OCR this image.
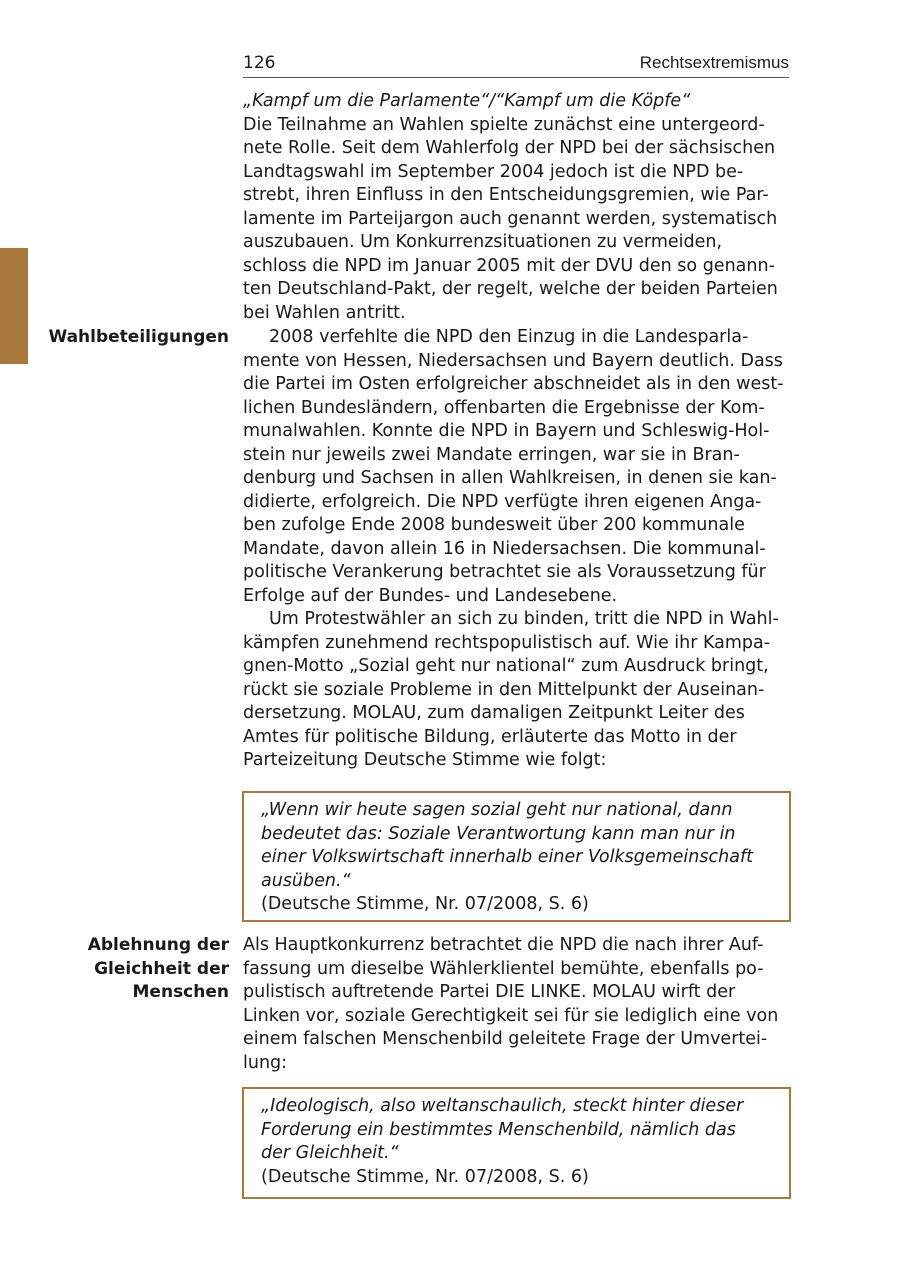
126	Rechtsextremismus
„Kampf um die Parlamente“/“Kampf um die Köpfe“
Die Teilnahme an Wahlen spielte zunächst eine untergeord-
nete Rolle. Seit dem Wahlerfolg der NPD bei der sächsischen
Landtagswahl im September 2004 jedoch ist die NPD be-
strebt, ihren Einfluss in den Entscheidungsgremien, wie Par-
lamente im Parteijargon auch genannt werden, systematisch
auszubauen. Um Konkurrenzsituationen zu vermeiden,
schloss die NPD im Januar 2005 mit der DVU den so genann-
ten Deutschland-Pakt, der regelt, welche der beiden Parteien
bei Wahlen antritt.
Wahlbeteiligungen	2008 verfehlte die NPD den Einzug in die Landesparla-
mente von Hessen, Niedersachsen und Bayern deutlich. Dass
die Partei im Osten erfolgreicher abschneidet als in den west-
lichen Bundesländern, offenbarten die Ergebnisse der Kom-
munalwahlen. Konnte die NPD in Bayern und Schleswig-Hol-
stein nur jeweils zwei Mandate erringen, war sie in Bran-
denburg und Sachsen in allen Wahlkreisen, in denen sie kan-
didierte, erfolgreich. Die NPD verfügte ihren eigenen Anga-
ben zufolge Ende 2008 bundesweit über 200 kommunale
Mandate, davon allein 16 in Niedersachsen. Die kommunal-
politische Verankerung betrachtet sie als Voraussetzung für
Erfolge auf der Bundes- und Landesebene.
Um Protestwähler an sich zu binden, tritt die NPD in Wahl-
kämpfen zunehmend rechtspopulistisch auf. Wie ihr Kampa-
gnen-Motto „Sozial geht nur national“ zum Ausdruck bringt,
rückt sie soziale Probleme in den Mittelpunkt der Auseinan-
dersetzung. MOLAU, zum damaligen Zeitpunkt Leiter des
Amtes für politische Bildung, erläuterte das Motto in der
Parteizeitung Deutsche Stimme wie folgt:
„Wenn wir heute sagen sozial geht nur national, dann
bedeutet das: Soziale Verantwortung kann man nur in
einer Volkswirtschaft innerhalb einer Volksgemeinschaft
ausüben.“
(Deutsche Stimme, Nr. 07/2008, S. 6)
Ablehnung der
Gleichheit der
Menschen
Als Hauptkonkurrenz betrachtet die NPD die nach ihrer Auf-
fassung um dieselbe Wählerklientel bemühte, ebenfalls po-
pulistisch auftretende Partei DIE LINKE. MOLAU wirft der
Linken vor, soziale Gerechtigkeit sei für sie lediglich eine von
einem falschen Menschenbild geleitete Frage der Umvertei-
lung:
„Ideologisch, also weltanschaulich, steckt hinter dieser
Forderung ein bestimmtes Menschenbild, nämlich das
der Gleichheit.“
(Deutsche Stimme, Nr. 07/2008, S. 6)
